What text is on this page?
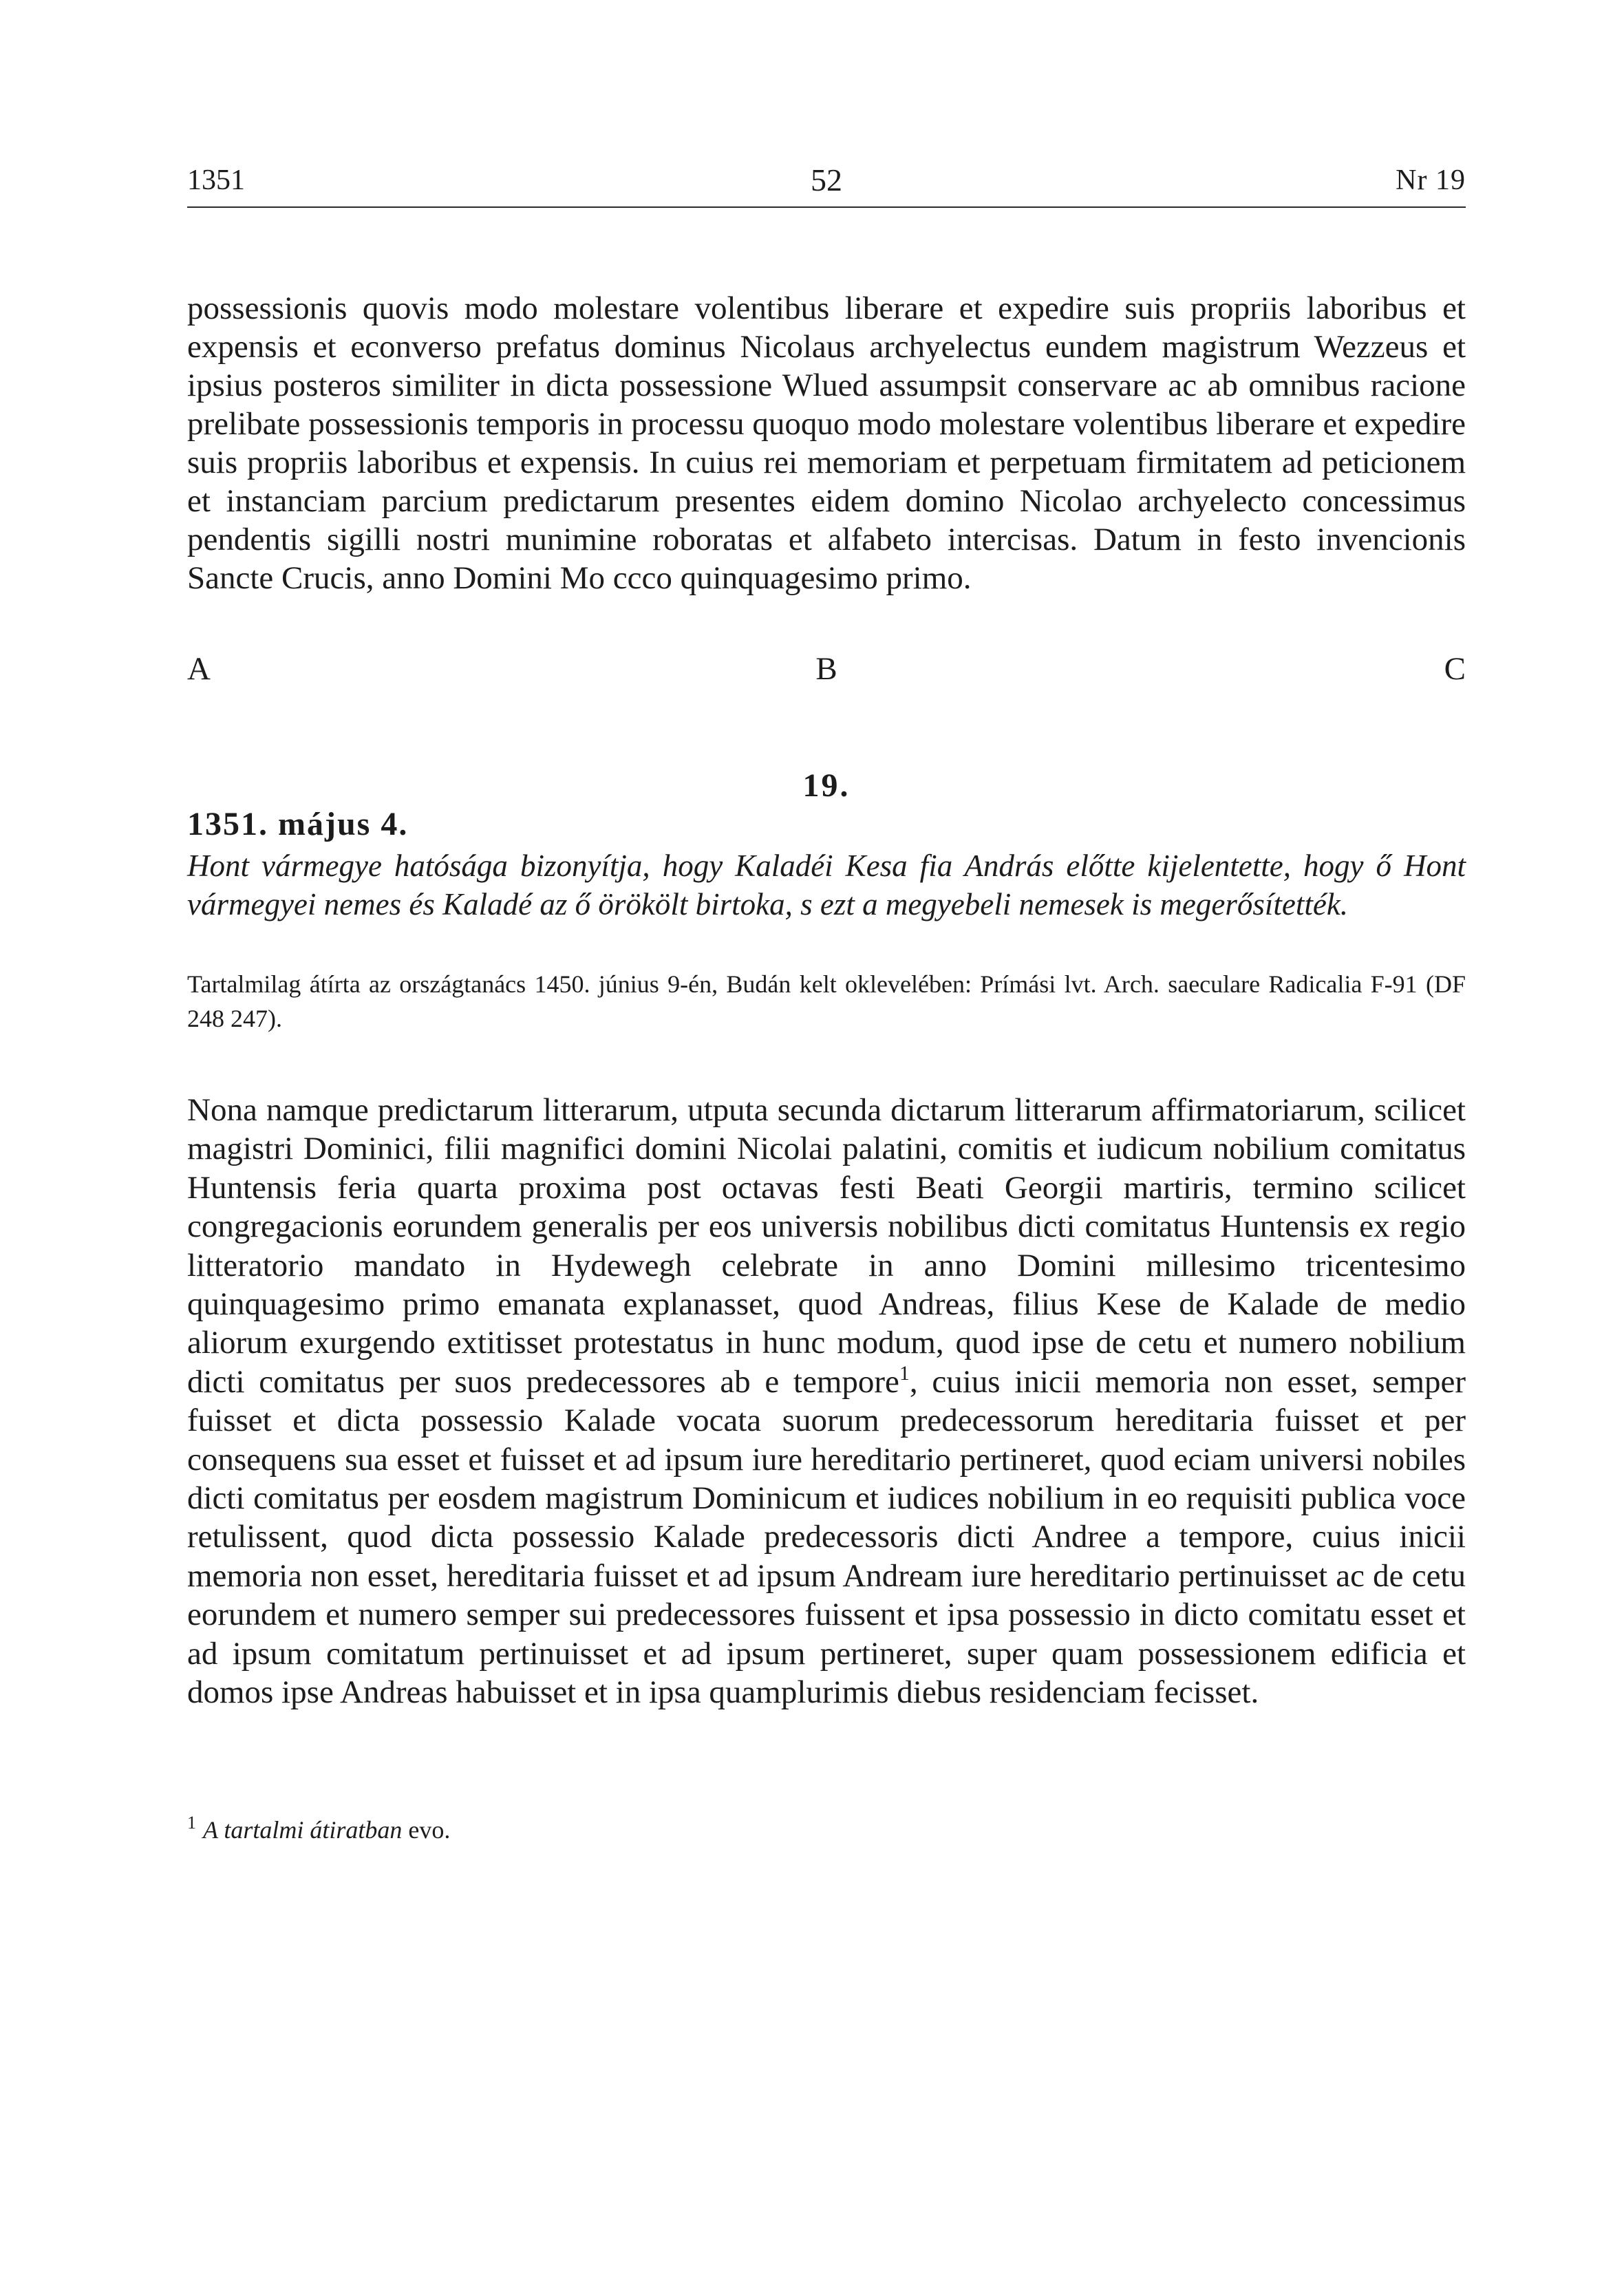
1351	52	Nr 19

possessionis quovis modo molestare volentibus liberare et expedire suis propriis laboribus et expensis et econverso prefatus dominus Nicolaus archyelectus eundem magistrum Wezzeus et ipsius posteros similiter in dicta possessione Wlued assumpsit conservare ac ab omnibus racione prelibate possessionis temporis in processu quoquo modo molestare volentibus liberare et expedire suis propriis laboribus et expensis. In cuius rei memoriam et perpetuam firmitatem ad peticionem et instanciam parcium predictarum presentes eidem domino Nicolao archyelecto concessimus pendentis sigilli nostri munimine roboratas et alfabeto intercisas. Datum in festo invencionis Sancte Crucis, anno Domini Mo ccco quinquagesimo primo.

A	B	C
19.
1351. május 4.

Hont vármegye hatósága bizonyítja, hogy Kaladéi Kesa fia András előtte kijelentette, hogy ő Hont vármegyei nemes és Kaladé az ő örökölt birtoka, s ezt a megyebeli nemesek is megerősítették.

Tartalmilag átírta az országtanács 1450. június 9-én, Budán kelt oklevelében: Prímási lvt. Arch. saeculare Radicalia F-91 (DF 248 247).

Nona namque predictarum litterarum, utputa secunda dictarum litterarum affirmatoriarum, scilicet magistri Dominici, filii magnifici domini Nicolai palatini, comitis et iudicum nobilium comitatus Huntensis feria quarta proxima post octavas festi Beati Georgii martiris, termino scilicet congregacionis eorundem generalis per eos universis nobilibus dicti comitatus Huntensis ex regio litteratorio mandato in Hydewegh celebrate in anno Domini millesimo tricentesimo quinquagesimo primo emanata explanasset, quod Andreas, filius Kese de Kalade de medio aliorum exurgendo extitisset protestatus in hunc modum, quod ipse de cetu et numero nobilium dicti comitatus per suos predecessores ab e tempore$^1$, cuius inicii memoria non esset, semper fuisset et dicta possessio Kalade vocata suorum predecessorum hereditaria fuisset et per consequens sua esset et fuisset et ad ipsum iure hereditario pertineret, quod eciam universi nobiles dicti comitatus per eosdem magistrum Dominicum et iudices nobilium in eo requisiti publica voce retulissent, quod dicta possessio Kalade predecessoris dicti Andree a tempore, cuius inicii memoria non esset, hereditaria fuisset et ad ipsum Andream iure hereditario pertinuisset ac de cetu eorundem et numero semper sui predecessores fuissent et ipsa possessio in dicto comitatu esset et ad ipsum comitatum pertinuisset et ad ipsum pertineret, super quam possessionem edificia et domos ipse Andreas habuisset et in ipsa quamplurimis diebus residenciam fecisset.

$^1$ A tartalmi átiratban evo.
